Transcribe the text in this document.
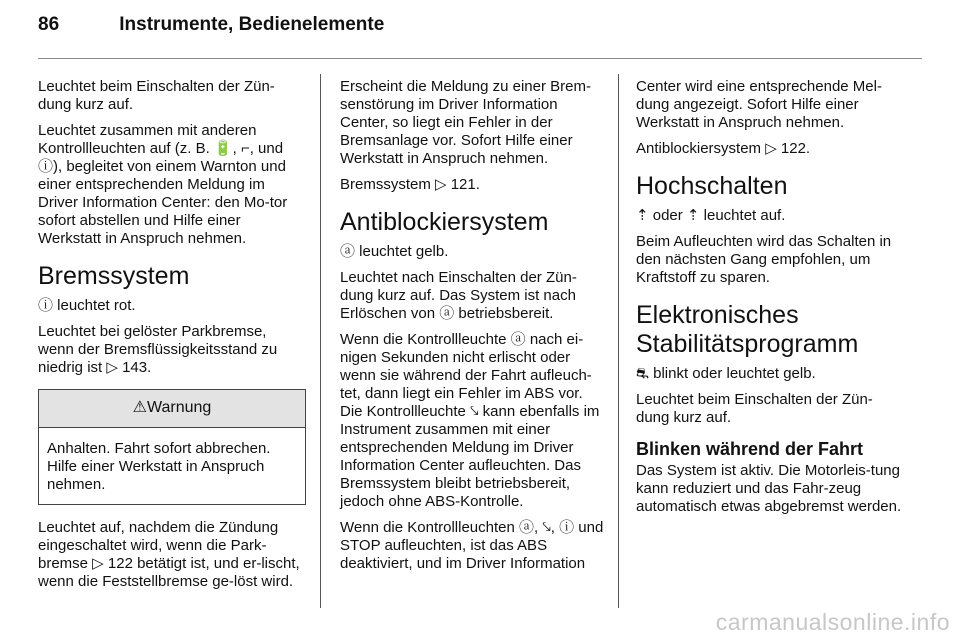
86	Instrumente, Bedienelemente

Leuchtet beim Einschalten der Zün-dung kurz auf.

Leuchtet zusammen mit anderen Kontrollleuchten auf (z. B. 🔋, ⌐, und ⓘ), begleitet von einem Warnton und einer entsprechenden Meldung im Driver Information Center: den Mo-tor sofort abstellen und Hilfe einer Werkstatt in Anspruch nehmen.

Bremssystem

ⓘ leuchtet rot.

Leuchtet bei gelöster Parkbremse, wenn der Bremsflüssigkeitsstand zu niedrig ist ▷ 143.

⚠Warnung
Anhalten. Fahrt sofort abbrechen. Hilfe einer Werkstatt in Anspruch nehmen.

Leuchtet auf, nachdem die Zündung eingeschaltet wird, wenn die Park-bremse ▷ 122 betätigt ist, und er-lischt, wenn die Feststellbremse ge-löst wird.

Erscheint die Meldung zu einer Brem-senstörung im Driver Information Center, so liegt ein Fehler in der Bremsanlage vor. Sofort Hilfe einer Werkstatt in Anspruch nehmen.

Bremssystem ▷ 121.

Antiblockiersystem

ⓐ leuchtet gelb.

Leuchtet nach Einschalten der Zün-dung kurz auf. Das System ist nach Erlöschen von ⓐ betriebsbereit.

Wenn die Kontrollleuchte ⓐ nach ei-nigen Sekunden nicht erlischt oder wenn sie während der Fahrt aufleuch-tet, dann liegt ein Fehler im ABS vor. Die Kontrollleuchte ⤥ kann ebenfalls im Instrument zusammen mit einer entsprechenden Meldung im Driver Information Center aufleuchten. Das Bremssystem bleibt betriebsbereit, jedoch ohne ABS-Kontrolle.

Wenn die Kontrollleuchten ⓐ, ⤥, ⓘ und STOP aufleuchten, ist das ABS deaktiviert, und im Driver Information

Center wird eine entsprechende Mel-dung angezeigt. Sofort Hilfe einer Werkstatt in Anspruch nehmen.

Antiblockiersystem ▷ 122.

Hochschalten

⇡ oder ⇡ leuchtet auf.

Beim Aufleuchten wird das Schalten in den nächsten Gang empfohlen, um Kraftstoff zu sparen.

Elektronisches
Stabilitätsprogramm

⛐ blinkt oder leuchtet gelb.

Leuchtet beim Einschalten der Zün-dung kurz auf.

Blinken während der Fahrt

Das System ist aktiv. Die Motorleis-tung kann reduziert und das Fahr-zeug automatisch etwas abgebremst werden.

carmanualsonline.info
